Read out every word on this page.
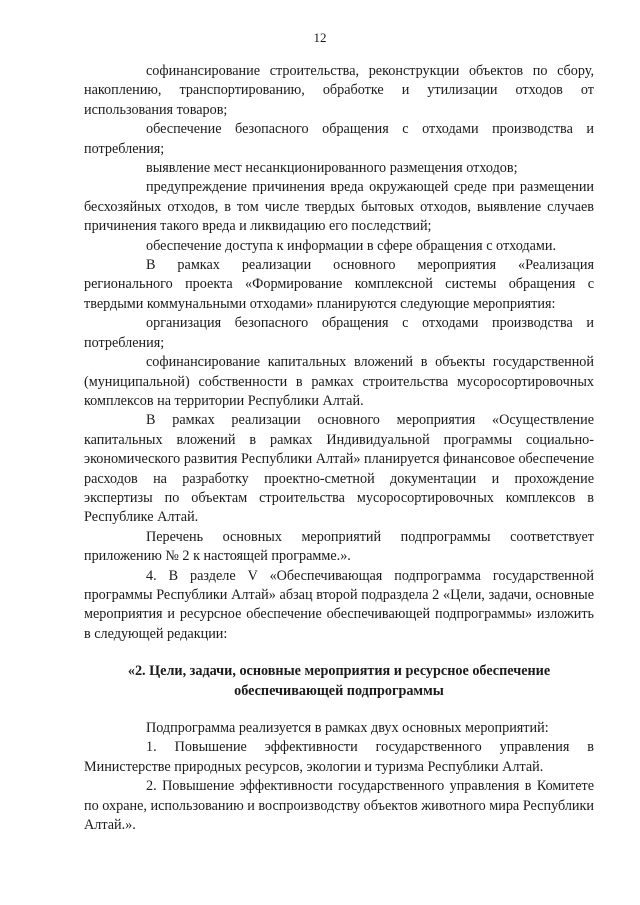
12

софинансирование строительства, реконструкции объектов по сбору, накоплению, транспортированию, обработке и утилизации отходов от использования товаров;

обеспечение безопасного обращения с отходами производства и потребления;

выявление мест несанкционированного размещения отходов;

предупреждение причинения вреда окружающей среде при размещении бесхозяйных отходов, в том числе твердых бытовых отходов, выявление случаев причинения такого вреда и ликвидацию его последствий;

обеспечение доступа к информации в сфере обращения с отходами.

В рамках реализации основного мероприятия «Реализация регионального проекта «Формирование комплексной системы обращения с твердыми коммунальными отходами» планируются следующие мероприятия:

организация безопасного обращения с отходами производства и потребления;

софинансирование капитальных вложений в объекты государственной (муниципальной) собственности в рамках строительства мусоросортировочных комплексов на территории Республики Алтай.

В рамках реализации основного мероприятия «Осуществление капитальных вложений в рамках Индивидуальной программы социально-экономического развития Республики Алтай» планируется финансовое обеспечение расходов на разработку проектно-сметной документации и прохождение экспертизы по объектам строительства мусоросортировочных комплексов в Республике Алтай.

Перечень основных мероприятий подпрограммы соответствует приложению № 2 к настоящей программе.».

4. В разделе V «Обеспечивающая подпрограмма государственной программы Республики Алтай» абзац второй подраздела 2 «Цели, задачи, основные мероприятия и ресурсное обеспечение обеспечивающей подпрограммы» изложить в следующей редакции:

«2. Цели, задачи, основные мероприятия и ресурсное обеспечение
обеспечивающей подпрограммы

Подпрограмма реализуется в рамках двух основных мероприятий:

1. Повышение эффективности государственного управления в Министерстве природных ресурсов, экологии и туризма Республики Алтай.

2. Повышение эффективности государственного управления в Комитете по охране, использованию и воспроизводству объектов животного мира Республики Алтай.».
